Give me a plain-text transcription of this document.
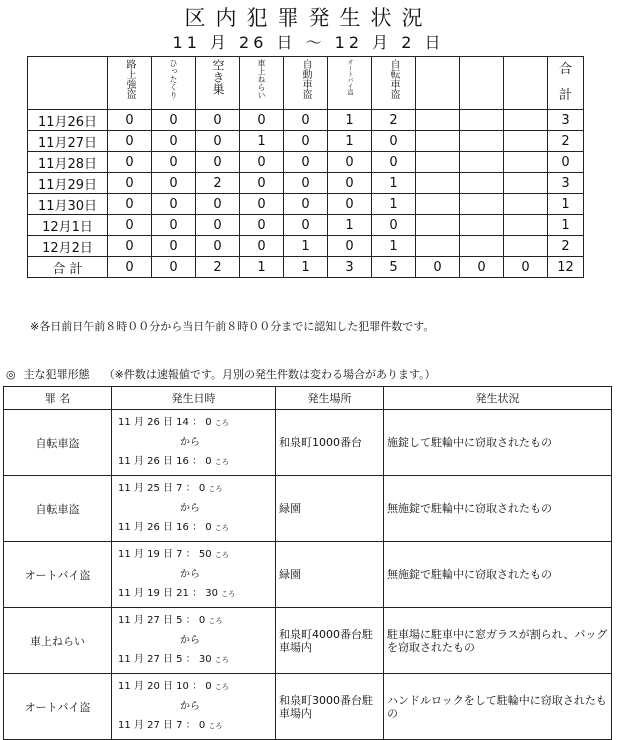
区内犯罪発生状況
11 月 26 日 ～ 12 月 2 日
	路上強盗	ひったくり	空き巣	車上ねらい	自動車盗	オートバイ盗	自転車盗				合
計
11月26日	0	0	0	0	0	1	2				3
11月27日	0	0	0	1	0	1	0				2
11月28日	0	0	0	0	0	0	0				0
11月29日	0	0	2	0	0	0	1				3
11月30日	0	0	0	0	0	0	1				1
12月1日	0	0	0	0	0	1	0				1
12月2日	0	0	0	0	1	0	1				2
合 計	0	0	2	1	1	3	5	0	0	0	12
※各日前日午前８時００分から当日午前８時００分までに認知した犯罪件数です。
◎ 主な犯罪形態 （※件数は速報値です。月別の発生件数は変わる場合があります。）
罪 名	発生日時	発生場所	発生状況
自転車盗	11 月 26 日 14 ： 0 ころ
から
11 月 26 日 16 ： 0 ころ	和泉町1000番台	施錠して駐輪中に窃取されたもの
自転車盗	11 月 25 日 7 ： 0 ころ
から
11 月 26 日 16 ： 0 ころ	緑園	無施錠で駐輪中に窃取されたもの
オートバイ盗	11 月 19 日 7 ： 50 ころ
から
11 月 19 日 21 ： 30 ころ	緑園	無施錠で駐輪中に窃取されたもの
車上ねらい	11 月 27 日 5 ： 0 ころ
から
11 月 27 日 5 ： 30 ころ	和泉町4000番台駐車場内	駐車場に駐車中に窓ガラスが割られ、バッグを窃取されたもの
オートバイ盗	11 月 20 日 10 ： 0 ころ
から
11 月 27 日 7 ： 0 ころ	和泉町3000番台駐車場内	ハンドルロックをして駐輪中に窃取されたもの
